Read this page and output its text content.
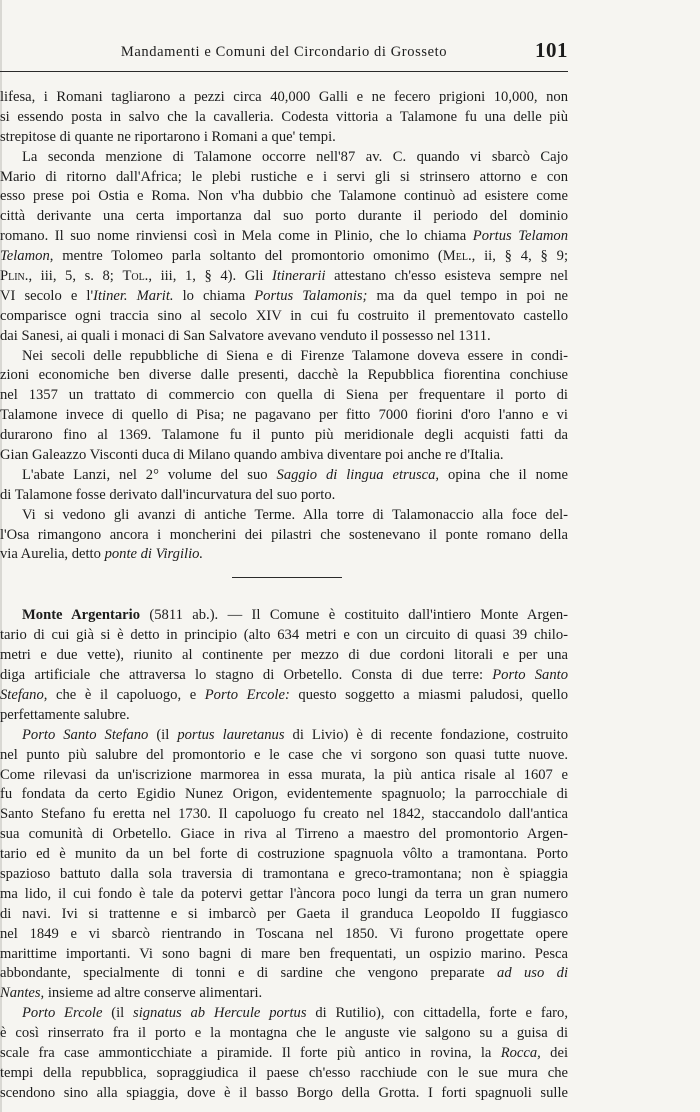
Mandamenti e Comuni del Circondario di Grosseto	101
lifesa, i Romani tagliarono a pezzi circa 40,000 Galli e ne fecero prigioni 10,000, non
si essendo posta in salvo che la cavalleria. Codesta vittoria a Talamone fu una delle più
strepitose di quante ne riportarono i Romani a que' tempi.
La seconda menzione di Talamone occorre nell'87 av. C. quando vi sbarcò Cajo
Mario di ritorno dall'Africa; le plebi rustiche e i servi gli si strinsero attorno e con
esso prese poi Ostia e Roma. Non v'ha dubbio che Talamone continuò ad esistere come
città derivante una certa importanza dal suo porto durante il periodo del dominio
romano. Il suo nome rinviensi così in Mela come in Plinio, che lo chiama Portus Telamon
Telamon, mentre Tolomeo parla soltanto del promontorio omonimo (Mel., ii, § 4, § 9;
Plin., iii, 5, s. 8; Tol., iii, 1, § 4). Gli Itinerarii attestano ch'esso esisteva sempre nel
VI secolo e l'Itiner. Marit. lo chiama Portus Talamonis; ma da quel tempo in poi ne
comparisce ogni traccia sino al secolo XIV in cui fu costruito il prementovato castello
dai Sanesi, ai quali i monaci di San Salvatore avevano venduto il possesso nel 1311.
Nei secoli delle repubbliche di Siena e di Firenze Talamone doveva essere in condi-
zioni economiche ben diverse dalle presenti, dacchè la Repubblica fiorentina conchiuse
nel 1357 un trattato di commercio con quella di Siena per frequentare il porto di
Talamone invece di quello di Pisa; ne pagavano per fitto 7000 fiorini d'oro l'anno e vi
durarono fino al 1369. Talamone fu il punto più meridionale degli acquisti fatti da
Gian Galeazzo Visconti duca di Milano quando ambiva diventare poi anche re d'Italia.
L'abate Lanzi, nel 2° volume del suo Saggio di lingua etrusca, opina che il nome
di Talamone fosse derivato dall'incurvatura del suo porto.
Vi si vedono gli avanzi di antiche Terme. Alla torre di Talamonaccio alla foce del-
l'Osa rimangono ancora i moncherini dei pilastri che sostenevano il ponte romano della
via Aurelia, detto ponte di Virgilio.
Monte Argentario (5811 ab.). — Il Comune è costituito dall'intiero Monte Argen-
tario di cui già si è detto in principio (alto 634 metri e con un circuito di quasi 39 chilo-
metri e due vette), riunito al continente per mezzo di due cordoni litorali e per una
diga artificiale che attraversa lo stagno di Orbetello. Consta di due terre: Porto Santo
Stefano, che è il capoluogo, e Porto Ercole: questo soggetto a miasmi paludosi, quello
perfettamente salubre.
Porto Santo Stefano (il portus lauretanus di Livio) è di recente fondazione, costruito
nel punto più salubre del promontorio e le case che vi sorgono son quasi tutte nuove.
Come rilevasi da un'iscrizione marmorea in essa murata, la più antica risale al 1607 e
fu fondata da certo Egidio Nunez Origon, evidentemente spagnuolo; la parrocchiale di
Santo Stefano fu eretta nel 1730. Il capoluogo fu creato nel 1842, staccandolo dall'antica
sua comunità di Orbetello. Giace in riva al Tirreno a maestro del promontorio Argen-
tario ed è munito da un bel forte di costruzione spagnuola vôlto a tramontana. Porto
spazioso battuto dalla sola traversia di tramontana e greco-tramontana; non è spiaggia
ma lido, il cui fondo è tale da potervi gettar l'àncora poco lungi da terra un gran numero
di navi. Ivi si trattenne e si imbarcò per Gaeta il granduca Leopoldo II fuggiasco
nel 1849 e vi sbarcò rientrando in Toscana nel 1850. Vi furono progettate opere
marittime importanti. Vi sono bagni di mare ben frequentati, un ospizio marino. Pesca
abbondante, specialmente di tonni e di sardine che vengono preparate ad uso di
Nantes, insieme ad altre conserve alimentari.
Porto Ercole (il signatus ab Hercule portus di Rutilio), con cittadella, forte e faro,
è così rinserrato fra il porto e la montagna che le anguste vie salgono su a guisa di
scale fra case ammonticchiate a piramide. Il forte più antico in rovina, la Rocca, dei
tempi della repubblica, sopraggiudica il paese ch'esso racchiude con le sue mura che
scendono sino alla spiaggia, dove è il basso Borgo della Grotta. I forti spagnuoli sulle
